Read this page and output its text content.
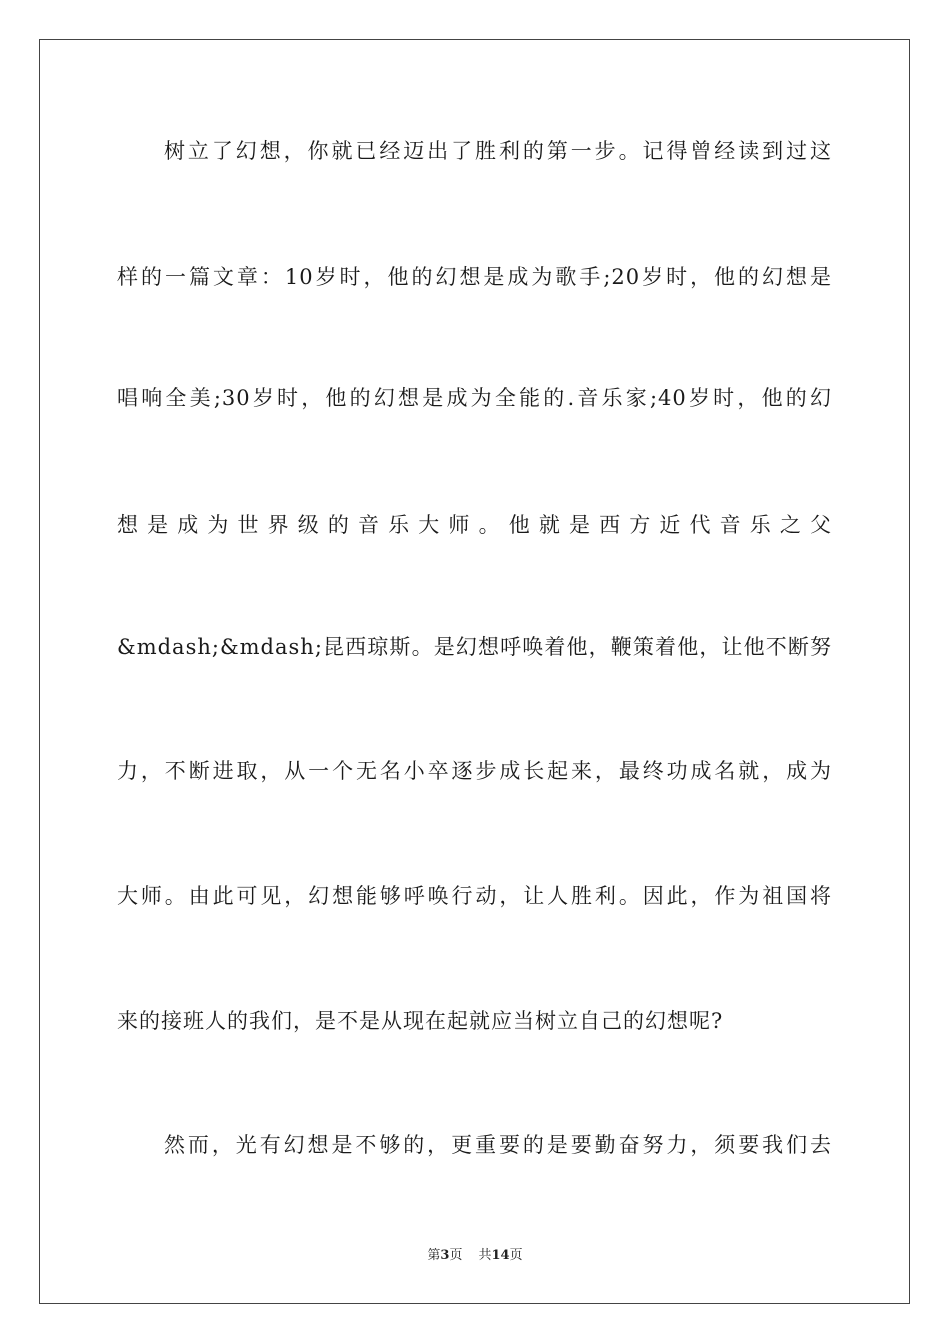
树立了幻想，你就已经迈出了胜利的第一步。记得曾经读到过这
样的一篇文章：10岁时，他的幻想是成为歌手;20岁时，他的幻想是
唱响全美;30岁时，他的幻想是成为全能的.音乐家;40岁时，他的幻
想是成为世界级的音乐大师。他就是西方近代音乐之父
&mdash;&mdash;昆西琼斯。是幻想呼唤着他，鞭策着他，让他不断努
力，不断进取，从一个无名小卒逐步成长起来，最终功成名就，成为
大师。由此可见，幻想能够呼唤行动，让人胜利。因此，作为祖国将
来的接班人的我们，是不是从现在起就应当树立自己的幻想呢?
然而，光有幻想是不够的，更重要的是要勤奋努力，须要我们去
第3页 共14页
